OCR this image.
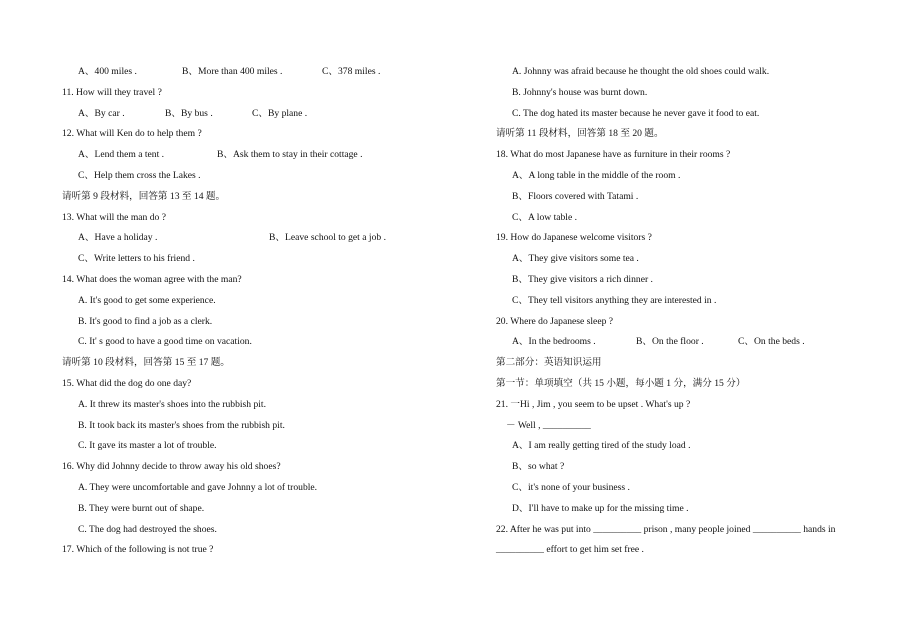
A、400 miles .	B、More than 400 miles .	C、378 miles .
11. How will they travel ?
A、By car .	B、By bus .	C、By plane .
12. What will Ken do to help them ?
A、Lend them a tent .	B、Ask them to stay in their cottage .
C、Help them cross the Lakes .
请听第 9 段材料，回答第 13 至 14 题。
13. What will the man do ?
A、Have a holiday .	B、Leave school to get a job .
C、Write letters to his friend .
14. What does the woman agree with the man?
A. It's good to get some experience.
B. It's good to find a job as a clerk.
C. It' s good to have a good time on vacation.
请听第 10 段材料，回答第 15 至 17 题。
15. What did the dog do one day?
A. It threw its master's shoes into the rubbish pit.
B. It took back its master's shoes from the rubbish pit.
C. It gave its master a lot of trouble.
16. Why did Johnny decide to throw away his old shoes?
A. They were uncomfortable and gave Johnny a lot of trouble.
B. They were burnt out of shape.
C. The dog had destroyed the shoes.
17. Which of the following is not true ?
A. Johnny was afraid because he thought the old shoes could walk.
B. Johnny's house was burnt down.
C. The dog hated its master because he never gave it food to eat.
请听第 11 段材料，回答第 18 至 20 题。
18. What do most Japanese have as furniture in their rooms ?
A、A long table in the middle of the room .
B、Floors covered with Tatami .
C、A low table .
19. How do Japanese welcome visitors ?
A、They give visitors some tea .
B、They give visitors a rich dinner .
C、They tell visitors anything they are interested in .
20. Where do Japanese sleep ?
A、In the bedrooms .	B、On the floor .	C、On the beds .
第二部分：英语知识运用
第一节：单项填空（共 15 小题，每小题 1 分，满分 15 分）
21. 一Hi , Jim , you seem to be upset . What's up ?
－ Well , __________
A、I am really getting tired of the study load .
B、so what ?
C、it's none of your business .
D、I'll have to make up for the missing time .
22. After he was put into __________ prison , many people joined __________ hands in
__________ effort to get him set free .
